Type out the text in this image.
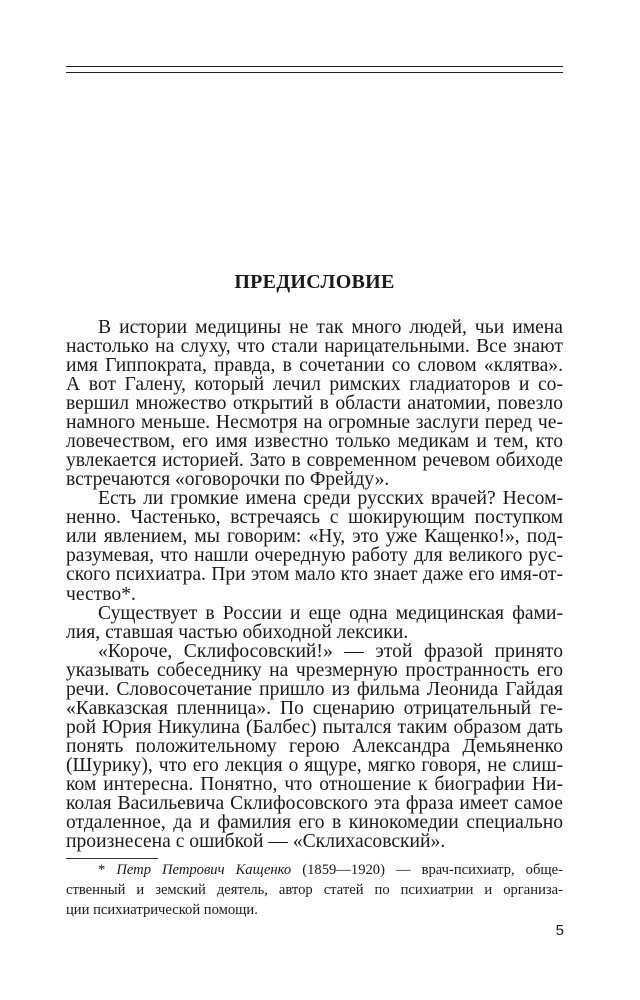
ПРЕДИСЛОВИЕ
В истории медицины не так много людей, чьи имена
настолько на слуху, что стали нарицательными. Все знают
имя Гиппократа, правда, в сочетании со словом «клятва».
А вот Галену, который лечил римских гладиаторов и со-
вершил множество открытий в области анатомии, повезло
намного меньше. Несмотря на огромные заслуги перед че-
ловечеством, его имя известно только медикам и тем, кто
увлекается историей. Зато в современном речевом обиходе
встречаются «оговорочки по Фрейду».
Есть ли громкие имена среди русских врачей? Несом-
ненно. Частенько, встречаясь с шокирующим поступком
или явлением, мы говорим: «Ну, это уже Кащенко!», под-
разумевая, что нашли очередную работу для великого рус-
ского психиатра. При этом мало кто знает даже его имя-от-
чество*.
Существует в России и еще одна медицинская фами-
лия, ставшая частью обиходной лексики.
«Короче, Склифосовский!» — этой фразой принято
указывать собеседнику на чрезмерную пространность его
речи. Словосочетание пришло из фильма Леонида Гайдая
«Кавказская пленница». По сценарию отрицательный ге-
рой Юрия Никулина (Балбес) пытался таким образом дать
понять положительному герою Александра Демьяненко
(Шурику), что его лекция о ящуре, мягко говоря, не слиш-
ком интересна. Понятно, что отношение к биографии Ни-
колая Васильевича Склифосовского эта фраза имеет самое
отдаленное, да и фамилия его в кинокомедии специально
произнесена с ошибкой — «Склихасовский».
5
* Петр Петрович Кащенко (1859—1920) — врач-психиатр, обще-
ственный и земский деятель, автор статей по психиатрии и организа-
ции психиатрической помощи.
